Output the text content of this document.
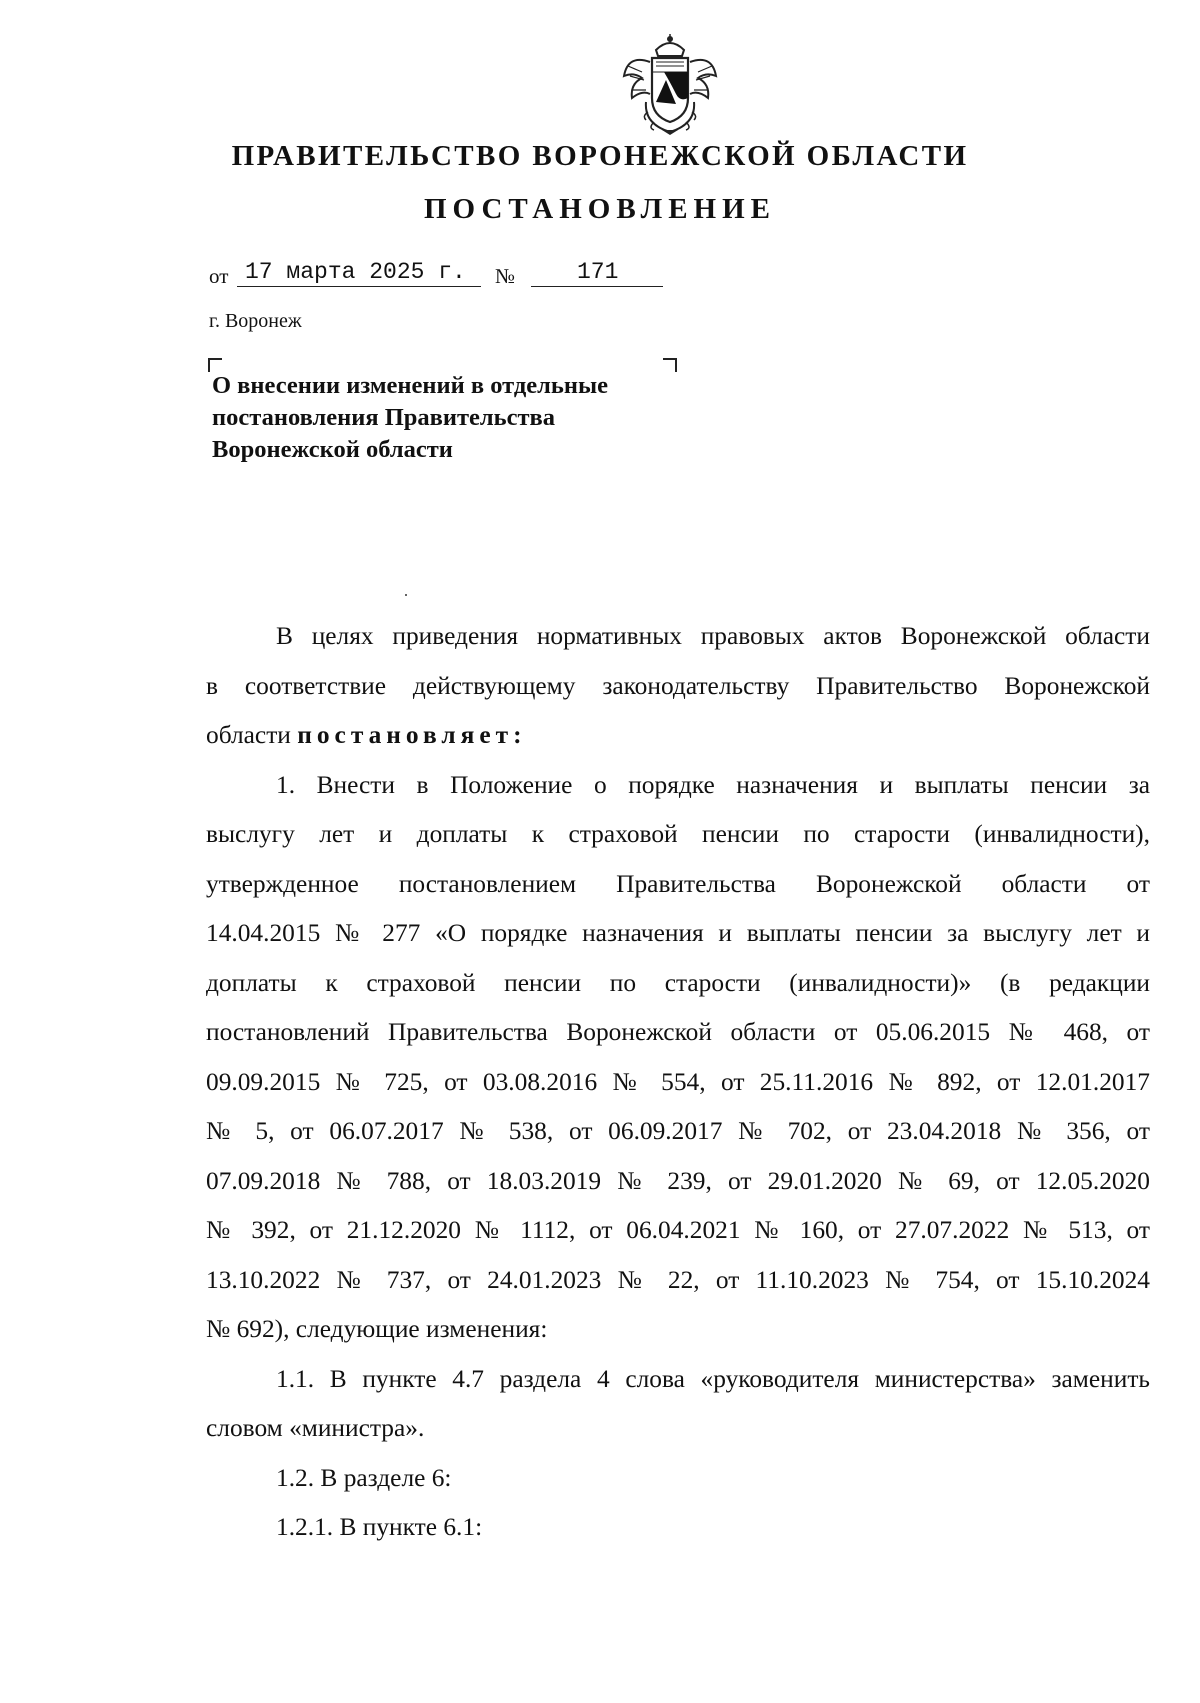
ПРАВИТЕЛЬСТВО ВОРОНЕЖСКОЙ ОБЛАСТИ
ПОСТАНОВЛЕНИЕ
от 17 марта 2025 г. №	171
г. Воронеж
О внесении изменений в отдельные
постановления Правительства
Воронежской области

В целях приведения нормативных правовых актов Воронежской области

в соответствие действующему законодательству Правительство Воронежской

области постановляет:

1. Внести в Положение о порядке назначения и выплаты пенсии за

выслугу лет и доплаты к страховой пенсии по старости (инвалидности),

утвержденное постановлением Правительства Воронежской области от

14.04.2015 № 277 «О порядке назначения и выплаты пенсии за выслугу лет и

доплаты к страховой пенсии по старости (инвалидности)» (в редакции

постановлений Правительства Воронежской области от 05.06.2015 № 468, от

09.09.2015 № 725, от 03.08.2016 № 554, от 25.11.2016 № 892, от 12.01.2017

№ 5, от 06.07.2017 № 538, от 06.09.2017 № 702, от 23.04.2018 № 356, от

07.09.2018 № 788, от 18.03.2019 № 239, от 29.01.2020 № 69, от 12.05.2020

№ 392, от 21.12.2020 № 1112, от 06.04.2021 № 160, от 27.07.2022 № 513, от

13.10.2022 № 737, от 24.01.2023 № 22, от 11.10.2023 № 754, от 15.10.2024

№ 692), следующие изменения:

1.1. В пункте 4.7 раздела 4 слова «руководителя министерства» заменить

словом «министра».

1.2. В разделе 6:

1.2.1. В пункте 6.1:
